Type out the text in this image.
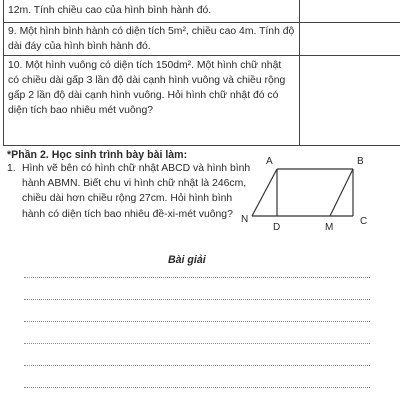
12m. Tính chiều cao của hình bình hành đó.

9. Một hình bình hành có diện tích 5m², chiều cao 4m. Tính độ dài đáy của hình bình hành đó.

10. Một hình vuông có diện tích 150dm². Một hình chữ nhật có chiều dài gấp 3 lần độ dài cạnh hình vuông và chiều rộng gấp 2 lần độ dài cạnh hình vuông. Hỏi hình chữ nhật đó có diện tích bao nhiêu mét vuông?

*Phần 2. Học sinh trình bày bài làm:
1. Hình vẽ bên có hình chữ nhật ABCD và hình bình hành ABMN. Biết chu vi hình chữ nhật là 246cm, chiều dài hơn chiều rộng 27cm. Hỏi hình bình hành có diện tích bao nhiêu đề-xi-mét vuông?
A	B
C
D	M
N
Bài giải
